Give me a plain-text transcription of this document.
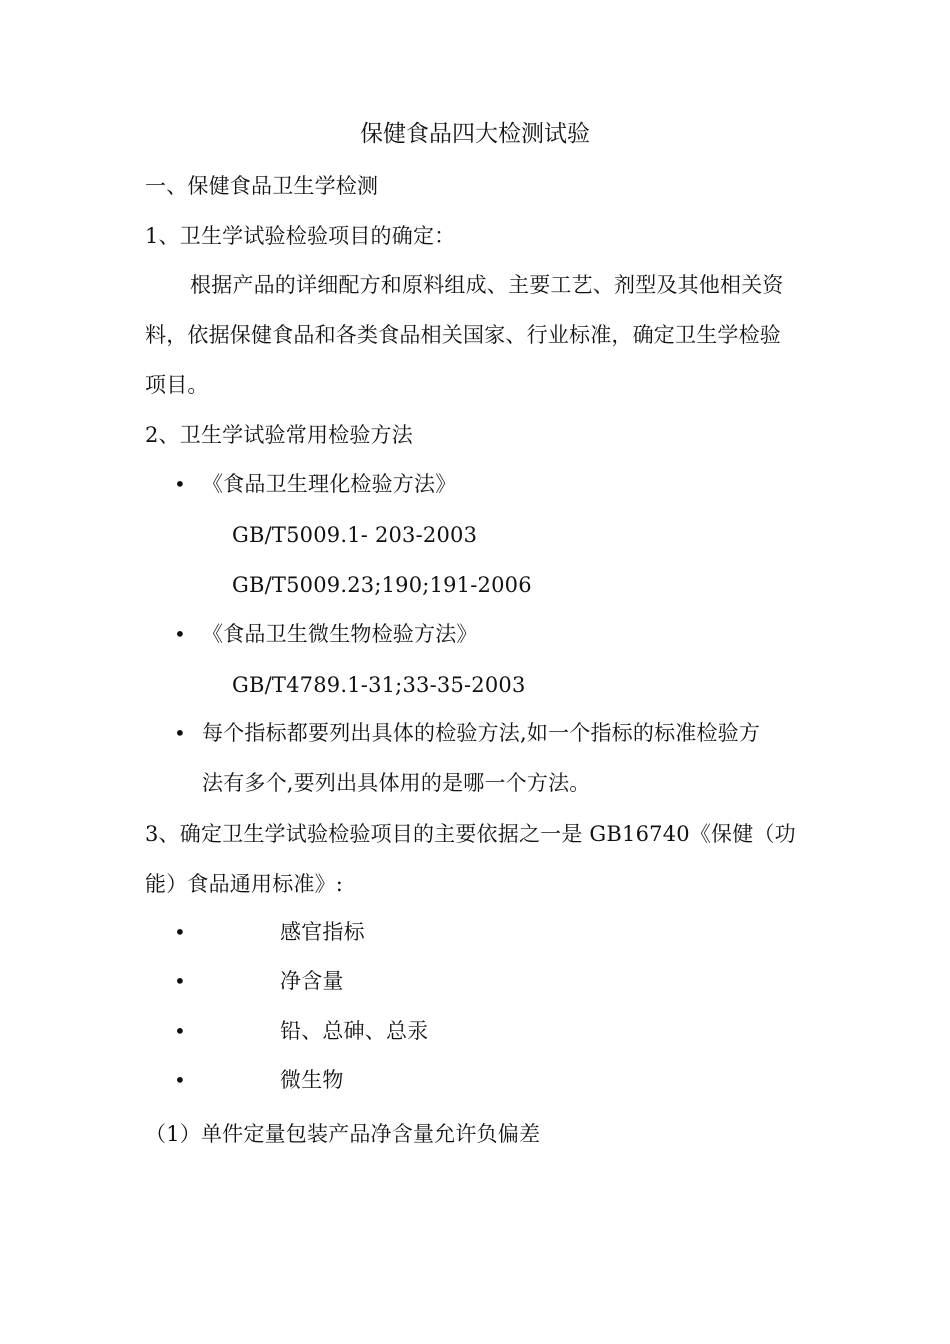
保健食品四大检测试验
一、保健食品卫生学检测
1、卫生学试验检验项目的确定：
根据产品的详细配方和原料组成、主要工艺、剂型及其他相关资
料，依据保健食品和各类食品相关国家、行业标准，确定卫生学检验
项目。
2、卫生学试验常用检验方法
• 《食品卫生理化检验方法》
GB/T5009.1- 203-2003
GB/T5009.23;190;191-2006
• 《食品卫生微生物检验方法》
GB/T4789.1-31;33-35-2003
• 每个指标都要列出具体的检验方法,如一个指标的标准检验方
法有多个,要列出具体用的是哪一个方法。
3、确定卫生学试验检验项目的主要依据之一是 GB16740《保健（功
能）食品通用标准》:
•	感官指标
•	净含量
•	铅、总砷、总汞
•	微生物
（1）单件定量包装产品净含量允许负偏差
